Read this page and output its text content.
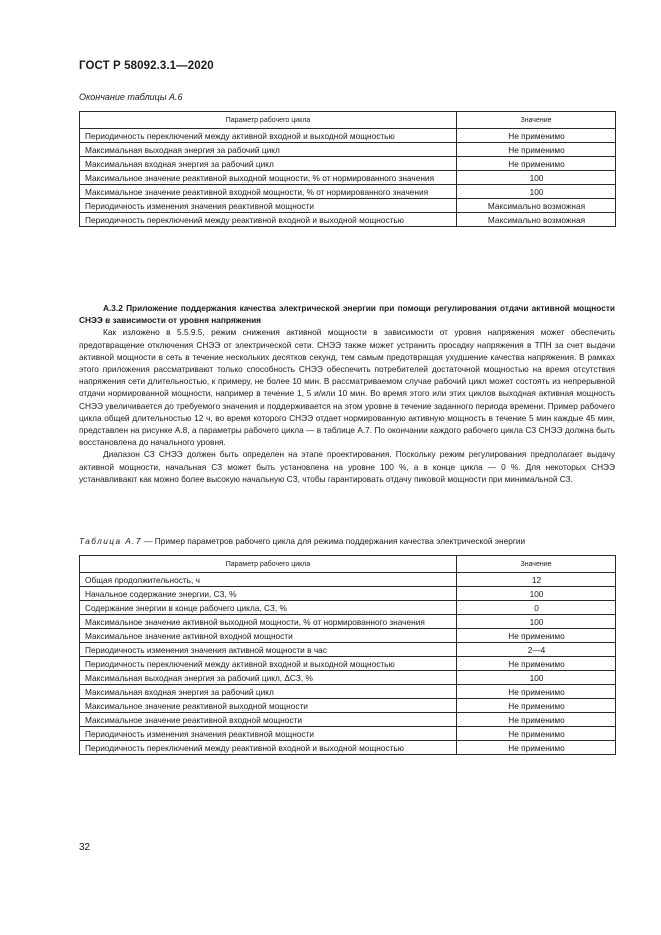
ГОСТ Р 58092.3.1—2020
Окончание таблицы А.6
Параметр рабочего цикла	Значение
Периодичность переключений между активной входной и выходной мощностью	Не применимо
Максимальная выходная энергия за рабочий цикл	Не применимо
Максимальная входная энергия за рабочий цикл	Не применимо
Максимальное значение реактивной выходной мощности, % от нормированного значения	100
Максимальное значение реактивной входной мощности, % от нормированного значения	100
Периодичность изменения значения реактивной мощности	Максимально возможная
Периодичность переключений между реактивной входной и выходной мощностью	Максимально возможная

А.3.2 Приложение поддержания качества электрической энергии при помощи регулирования отдачи активной мощности СНЭЭ в зависимости от уровня напряжения

Как изложено в 5.5.9.5, режим снижения активной мощности в зависимости от уровня напряжения может обеспечить предотвращение отключения СНЭЭ от электрической сети. СНЭЭ также может устранить просадку напряжения в ТПН за счет выдачи активной мощности в сеть в течение нескольких десятков секунд, тем самым предотвращая ухудшение качества напряжения. В рамках этого приложения рассматривают только способность СНЭЭ обеспечить потребителей достаточной мощностью на время отсутствия напряжения сети длительностью, к примеру, не более 10 мин. В рассматриваемом случае рабочий цикл может состоять из непрерывной отдачи нормированной мощности, например в течение 1, 5 и/или 10 мин. Во время этого или этих циклов выходная активная мощность СНЭЭ увеличивается до требуемого значения и поддерживается на этом уровне в течение заданного периода времени. Пример рабочего цикла общей длительностью 12 ч, во время которого СНЭЭ отдает нормированную активную мощность в течение 5 мин каждые 45 мин, представлен на рисунке А.8, а параметры рабочего цикла — в таблице А.7. По окончании каждого рабочего цикла СЗ СНЭЭ должна быть восстановлена до начального уровня.

Диапазон СЗ СНЭЭ должен быть определен на этапе проектирования. Поскольку режим регулирования предполагает выдачу активной мощности, начальная СЗ может быть установлена на уровне 100 %, а в конце цикла — 0 %. Для некоторых СНЭЭ устанавливают как можно более высокую начальную СЗ, чтобы гарантировать отдачу пиковой мощности при минимальной СЗ.

Таблица А.7 — Пример параметров рабочего цикла для режима поддержания качества электрической энергии
Параметр рабочего цикла	Значение
Общая продолжительность, ч	12
Начальное содержание энергии, СЗ, %	100
Содержание энергии в конце рабочего цикла, СЗ, %	0
Максимальное значение активной выходной мощности, % от нормированного значения	100
Максимальное значение активной входной мощности	Не применимо
Периодичность изменения значения активной мощности в час	2—4
Периодичность переключений между активной входной и выходной мощностью	Не применимо
Максимальная выходная энергия за рабочий цикл, ΔСЗ, %	100
Максимальная входная энергия за рабочий цикл	Не применимо
Максимальное значение реактивной выходной мощности	Не применимо
Максимальное значение реактивной входной мощности	Не применимо
Периодичность изменения значения реактивной мощности	Не применимо
Периодичность переключений между реактивной входной и выходной мощностью	Не применимо
32
